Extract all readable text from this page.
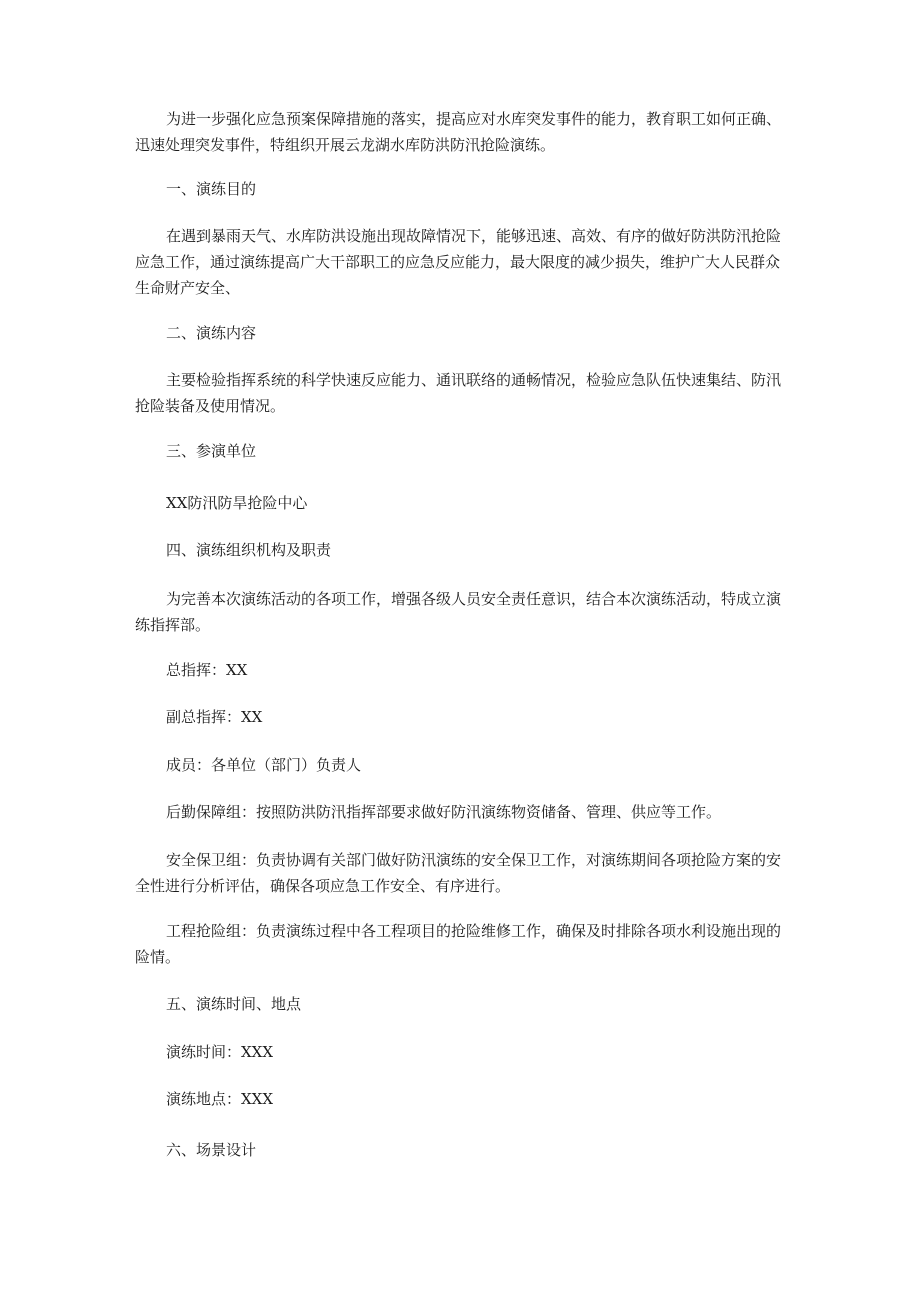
为进一步强化应急预案保障措施的落实，提高应对水库突发事件的能力，教育职工如何正确、迅速处理突发事件，特组织开展云龙湖水库防洪防汛抢险演练。

一、演练目的

在遇到暴雨天气、水库防洪设施出现故障情况下，能够迅速、高效、有序的做好防洪防汛抢险应急工作，通过演练提高广大干部职工的应急反应能力，最大限度的减少损失，维护广大人民群众生命财产安全、

二、演练内容

主要检验指挥系统的科学快速反应能力、通讯联络的通畅情况，检验应急队伍快速集结、防汛抢险装备及使用情况。

三、参演单位

XX防汛防旱抢险中心

四、演练组织机构及职责

为完善本次演练活动的各项工作，增强各级人员安全责任意识，结合本次演练活动，特成立演练指挥部。

总指挥：XX

副总指挥：XX

成员：各单位（部门）负责人

后勤保障组：按照防洪防汛指挥部要求做好防汛演练物资储备、管理、供应等工作。

安全保卫组：负责协调有关部门做好防汛演练的安全保卫工作，对演练期间各项抢险方案的安全性进行分析评估，确保各项应急工作安全、有序进行。

工程抢险组：负责演练过程中各工程项目的抢险维修工作，确保及时排除各项水利设施出现的险情。

五、演练时间、地点

演练时间：XXX

演练地点：XXX

六、场景设计
